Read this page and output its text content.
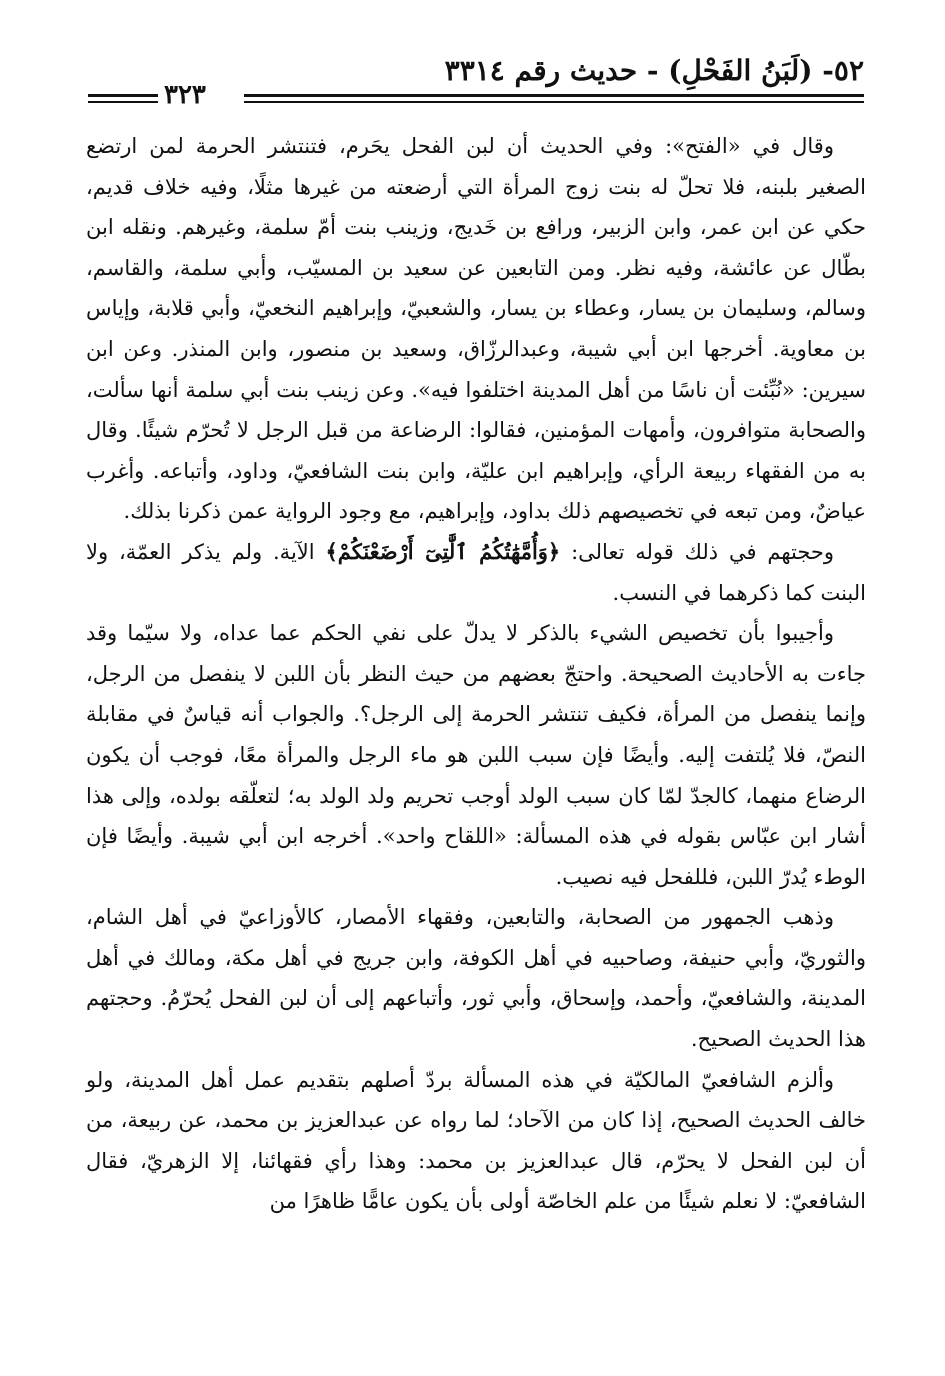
٥٢- (لَبَنُ الفَحْلِ) - حديث رقم ٣٣١٤
٣٢٣

وقال في «الفتح»: وفي الحديث أن لبن الفحل يحَرم، فتنتشر الحرمة لمن ارتضع الصغير بلبنه، فلا تحلّ له بنت زوج المرأة التي أرضعته من غيرها مثلًا، وفيه خلاف قديم، حكي عن ابن عمر، وابن الزبير، ورافع بن خَديج، وزينب بنت أمّ سلمة، وغيرهم. ونقله ابن بطّال عن عائشة، وفيه نظر. ومن التابعين عن سعيد بن المسيّب، وأبي سلمة، والقاسم، وسالم، وسليمان بن يسار، وعطاء بن يسار، والشعبيّ، وإبراهيم النخعيّ، وأبي قلابة، وإياس بن معاوية. أخرجها ابن أبي شيبة، وعبدالرزّاق، وسعيد بن منصور، وابن المنذر. وعن ابن سيرين: «نُبِّئت أن ناسًا من أهل المدينة اختلفوا فيه». وعن زينب بنت أبي سلمة أنها سألت، والصحابة متوافرون، وأمهات المؤمنين، فقالوا: الرضاعة من قبل الرجل لا تُحرّم شيئًا. وقال به من الفقهاء ربيعة الرأي، وإبراهيم ابن عليّة، وابن بنت الشافعيّ، وداود، وأتباعه. وأغرب عياضٌ، ومن تبعه في تخصيصهم ذلك بداود، وإبراهيم، مع وجود الرواية عمن ذكرنا بذلك.

وحجتهم في ذلك قوله تعالى: ﴿وَأُمَّهَٰتُكُمُ ٱلَّٰتِىٓ أَرْضَعْنَكُمْ﴾ الآية. ولم يذكر العمّة، ولا البنت كما ذكرهما في النسب.

وأجيبوا بأن تخصيص الشيء بالذكر لا يدلّ على نفي الحكم عما عداه، ولا سيّما وقد جاءت به الأحاديث الصحيحة. واحتجّ بعضهم من حيث النظر بأن اللبن لا ينفصل من الرجل، وإنما ينفصل من المرأة، فكيف تنتشر الحرمة إلى الرجل؟. والجواب أنه قياسٌ في مقابلة النصّ، فلا يُلتفت إليه. وأيضًا فإن سبب اللبن هو ماء الرجل والمرأة معًا، فوجب أن يكون الرضاع منهما، كالجدّ لمّا كان سبب الولد أوجب تحريم ولد الولد به؛ لتعلّقه بولده، وإلى هذا أشار ابن عبّاس بقوله في هذه المسألة: «اللقاح واحد». أخرجه ابن أبي شيبة. وأيضًا فإن الوطء يُدرّ اللبن، فللفحل فيه نصيب.

وذهب الجمهور من الصحابة، والتابعين، وفقهاء الأمصار، كالأوزاعيّ في أهل الشام، والثوريّ، وأبي حنيفة، وصاحبيه في أهل الكوفة، وابن جريج في أهل مكة، ومالك في أهل المدينة، والشافعيّ، وأحمد، وإسحاق، وأبي ثور، وأتباعهم إلى أن لبن الفحل يُحرّمُ. وحجتهم هذا الحديث الصحيح.

وألزم الشافعيّ المالكيّة في هذه المسألة بردّ أصلهم بتقديم عمل أهل المدينة، ولو خالف الحديث الصحيح، إذا كان من الآحاد؛ لما رواه عن عبدالعزيز بن محمد، عن ربيعة، من أن لبن الفحل لا يحرّم، قال عبدالعزيز بن محمد: وهذا رأي فقهائنا، إلا الزهريّ، فقال الشافعيّ: لا نعلم شيئًا من علم الخاصّة أولى بأن يكون عامًّا ظاهرًا من
